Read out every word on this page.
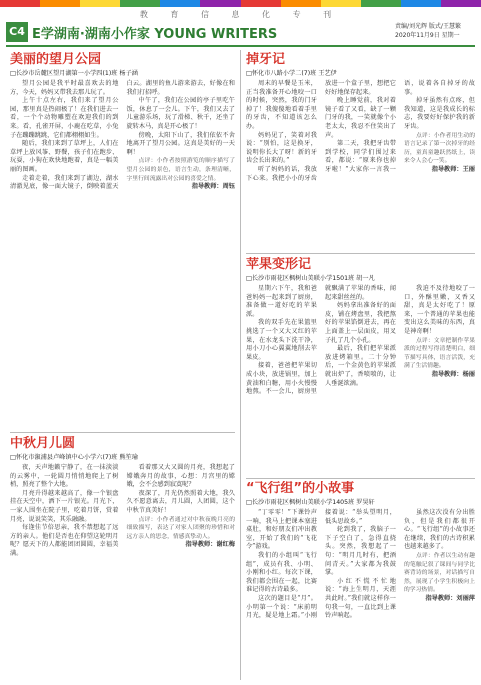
教 育 信 息 化 专 刊
C4 E学湖南·湖南小作家 YOUNG WRITERS
责编/刘光辉 版式/王慧繁
2020年11月9日 星期一
美丽的望月公园
□长沙市岳麓区望月湖第一小学四(1)班 杨子涵

望月公园是我平时最喜欢去的地方，今天，妈妈又带我去那儿玩了。

上午十点左右，我们来了望月公园，那里真是热闹极了！在我们进去一看，一个个动物雕塑在欢迎我们的到来。看，孔雀开屏，小鹿在吃草，小兔子在蹦蹦跳跳，它们都栩栩如生。

随后，我们来到了草坪上，人们在草坪上放风筝、野餐，孩子们在跑步、玩耍，小狗在欢快地跑着，真是一幅美丽的图画。

走着走着，我们来到了湖边，湖水清澈见底，像一面大镜子，倒映着蓝天白云。湖里的鱼儿游来游去，好像在和我们打招呼。

中午了，我们在公园的亭子里吃午饭，休息了一会儿。下午，我们又去了儿童游乐场，玩了滑梯、秋千，还坐了旋转木马，真是开心极了！

傍晚，太阳下山了，我们依依不舍地离开了望月公园。这真是美好的一天啊！

点评：小作者按照游览的顺序描写了望月公园的景色，语言生动，条理清晰，字里行间流露出对公园的喜爱之情。

指导教师：周钰

中秋月儿圆
□怀化市溆浦县卢峰镇中心小学六(7)班 熊笙瑜

夜，天声地籁宁静了，在一抹淡淡的云雾中，一轮圆月悄悄地爬上了树梢，照亮了整个大地。

月亮升得越来越高了，像一个银盘挂在天空中，洒下一片银光。月光下，一家人围坐在院子里，吃着月饼，赏着月亮，说说笑笑，其乐融融。

每逢佳节倍思亲，我不禁想起了远方的亲人。他们是否也在仰望这轮明月呢？愿天下的人都能团团圆圆，幸福美满。

看着那又大又圆的月亮，我想起了嫦娥奔月的故事，心想：月宫里的嫦娥，会不会感到寂寞呢？

夜深了，月光仍然照着大地，我久久不愿意离去，月儿圆，人团圆，这个中秋节真美好！

点评：小作者通过对中秋夜晚月亮的细致描写，表达了对家人团聚的珍惜和对远方亲人的思念，情感真挚动人。

指导教师：谢红梅

掉牙记
□怀化市八路小学二(7)班 王艺伊

周末的早餐是玉米，正当我准备开心地咬一口的时候，突然，我的门牙掉了！我傻傻地看着手里的牙齿，不知道该怎么办。

妈妈见了，笑着对我说：“别怕，这是换牙，说明你长大了呀！新的牙齿会长出来的。”

听了妈妈的话，我放下心来。我把小小的牙齿放进一个盒子里，想把它好好地保存起来。

晚上睡觉前，我对着镜子看了又看，缺了一颗门牙的我，一笑就像个小老太太，我忍不住笑出了声。

第二天，我把牙齿带到学校，同学们围过来看，都说：“原来你也掉牙啦！”大家你一言我一语，说着各自掉牙的故事。

掉牙虽然有点疼，但我知道，这是我成长的标志，我要好好保护我的新牙齿。

点评：小作者用生动的语言记录了第一次掉牙的经历，童真童趣跃然纸上，读来令人会心一笑。

指导教师：王丽

苹果变形记
□长沙市雨花区枫树山美联小学1501班 胡一凡

星期六下午，我和爸爸妈妈一起来到了厨房，准备做一道好吃的苹果派。

我的双手先在果篮里挑选了一个又大又红的苹果，在水龙头下洗干净，用小刀小心翼翼地削去苹果皮。

接着，爸爸把苹果切成小块，放进锅里，加上黄油和白糖，用小火慢慢地熬。不一会儿，厨房里就飘满了苹果的香味，闻起来甜丝丝的。

妈妈拿出准备好的面皮，铺在烤盘里，我把熬好的苹果馅倒进去，再在上面盖上一层面皮，用叉子扎了几个小孔。

最后，我们把苹果派放进烤箱里。二十分钟后，一个金黄色的苹果派就出炉了，香喷喷的，让人垂涎欲滴。

我迫不及待地咬了一口，外酥里嫩，又香又甜，真是太好吃了！原来，一个普通的苹果也能变出这么美味的东西，真是神奇啊！

点评：文章把制作苹果派的过程写得清楚明白，细节描写具体，语言活泼，充满了生活情趣。

指导教师：杨丽

“飞行组”的小故事
□长沙市雨花区枫树山美联小学1405班 罗昊轩

“丁零零！”下课铃声一响，我马上把课本塞进桌肚，和好朋友们冲出教室，开始了我们的“飞花令”游戏。

我们的小组叫“飞行组”，成员有我、小明、小刚和小红。每次下课，我们都会围在一起，比赛谁记得的古诗最多。

这次的题目是“月”。小明第一个说：“床前明月光，疑是地上霜。”小刚接着说：“举头望明月，低头思故乡。”

轮到我了，我脑子一下子空白了，急得直挠头。突然，我想起了一句：“明月几时有，把酒问青天。”大家都为我鼓掌。

小红不慌不忙地说：“海上生明月，天涯共此时。”我们就这样你一句我一句，一直比到上课铃声响起。

虽然这次没有分出胜负，但是我们都很开心。“飞行组”的小故事还在继续，我们的古诗积累也越来越多了。

点评：作者以生动有趣的笔触记叙了课间与同学比赛背诗的场景，对话描写自然，展现了小学生积极向上的学习热情。

指导教师：刘丽萍
